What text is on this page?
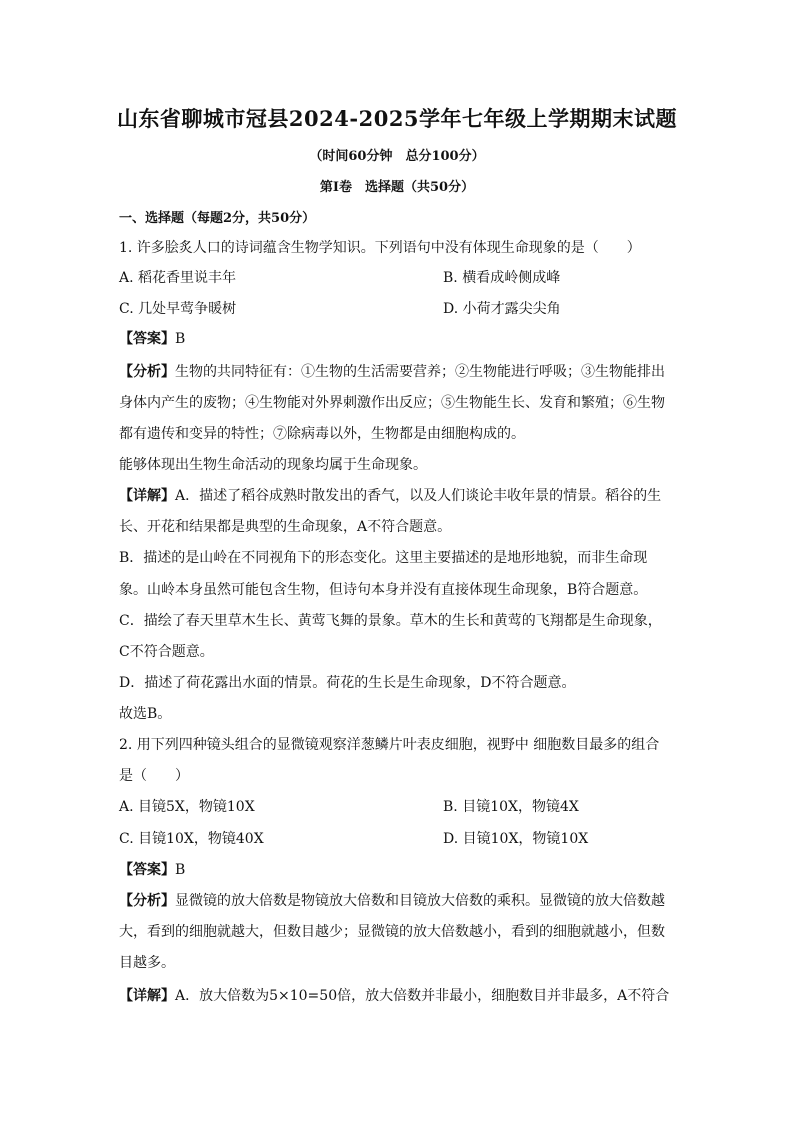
山东省聊城市冠县2024-2025学年七年级上学期期末试题
（时间60分钟　总分100分）
第Ⅰ卷　选择题（共50分）
一、选择题（每题2分，共50分）
1. 许多脍炙人口的诗词蕴含生物学知识。下列语句中没有体现生命现象的是（　　）
A. 稻花香里说丰年	B. 横看成岭侧成峰
C. 几处早莺争暖树	D. 小荷才露尖尖角
【答案】B
【分析】生物的共同特征有：①生物的生活需要营养；②生物能进行呼吸；③生物能排出
身体内产生的废物；④生物能对外界刺激作出反应；⑤生物能生长、发育和繁殖；⑥生物
都有遗传和变异的特性；⑦除病毒以外，生物都是由细胞构成的。
能够体现出生物生命活动的现象均属于生命现象。
【详解】A．描述了稻谷成熟时散发出的香气，以及人们谈论丰收年景的情景。稻谷的生
长、开花和结果都是典型的生命现象，A不符合题意。
B．描述的是山岭在不同视角下的形态变化。这里主要描述的是地形地貌，而非生命现
象。山岭本身虽然可能包含生物，但诗句本身并没有直接体现生命现象，B符合题意。
C．描绘了春天里草木生长、黄莺飞舞的景象。草木的生长和黄莺的飞翔都是生命现象，
C不符合题意。
D．描述了荷花露出水面的情景。荷花的生长是生命现象，D不符合题意。
故选B。
2. 用下列四种镜头组合的显微镜观察洋葱鳞片叶表皮细胞，视野中 细胞数目最多的组合
是（　　）
A. 目镜5X，物镜10X	B. 目镜10X，物镜4X
C. 目镜10X，物镜40X	D. 目镜10X，物镜10X
【答案】B
【分析】显微镜的放大倍数是物镜放大倍数和目镜放大倍数的乘积。显微镜的放大倍数越
大，看到的细胞就越大，但数目越少；显微镜的放大倍数越小，看到的细胞就越小，但数
目越多。
【详解】A．放大倍数为5×10=50倍，放大倍数并非最小，细胞数目并非最多，A不符合
